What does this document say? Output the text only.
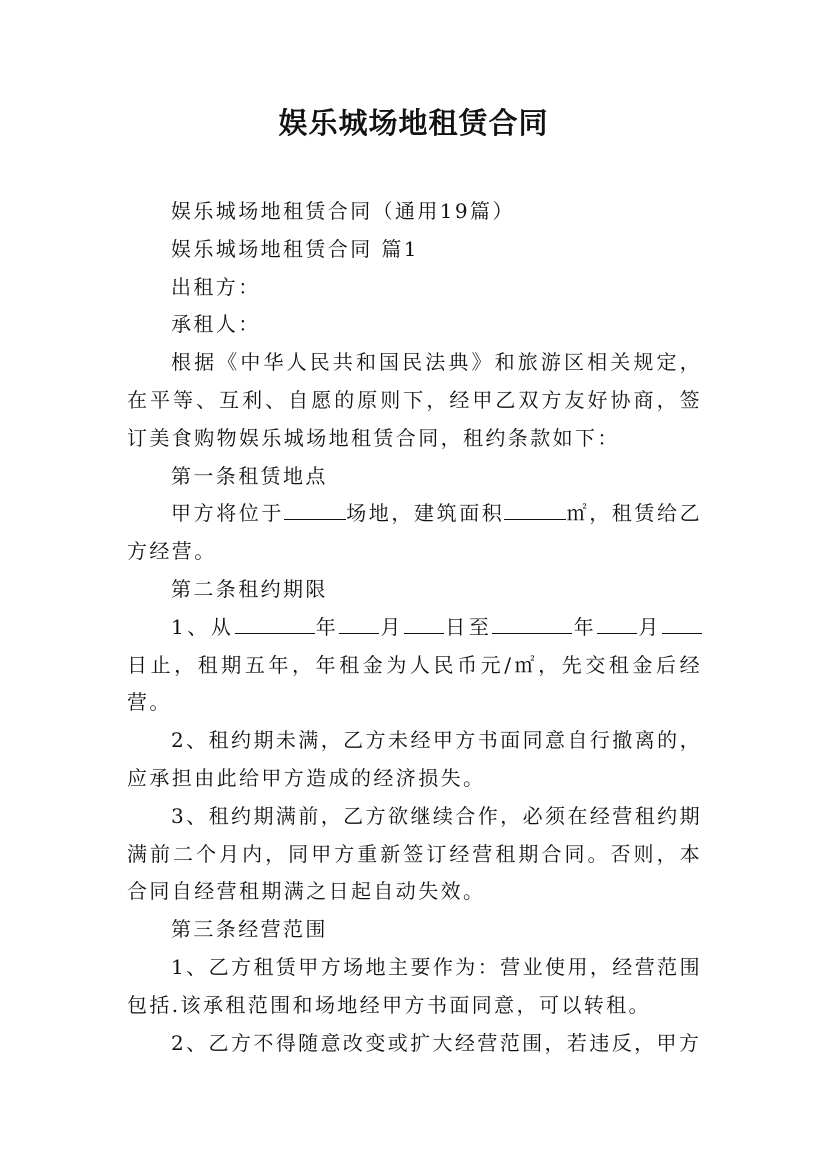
娱乐城场地租赁合同

娱乐城场地租赁合同（通用19篇）

娱乐城场地租赁合同 篇1

出租方：

承租人：

根据《中华人民共和国民法典》和旅游区相关规定，在平等、互利、自愿的原则下，经甲乙双方友好协商，签订美食购物娱乐城场地租赁合同，租约条款如下：

第一条租赁地点

甲方将位于	场地，建筑面积	㎡，租赁给乙方经营。

第二条租约期限

1、从	年 月 日至	年 月日止，租期五年，年租金为人民币元/㎡，先交租金后经营。

2、租约期未满，乙方未经甲方书面同意自行撤离的，应承担由此给甲方造成的经济损失。

3、租约期满前，乙方欲继续合作，必须在经营租约期满前二个月内，同甲方重新签订经营租期合同。否则，本合同自经营租期满之日起自动失效。

第三条经营范围

1、乙方租赁甲方场地主要作为：营业使用，经营范围包括.该承租范围和场地经甲方书面同意，可以转租。

2、乙方不得随意改变或扩大经营范围，若违反，甲方
